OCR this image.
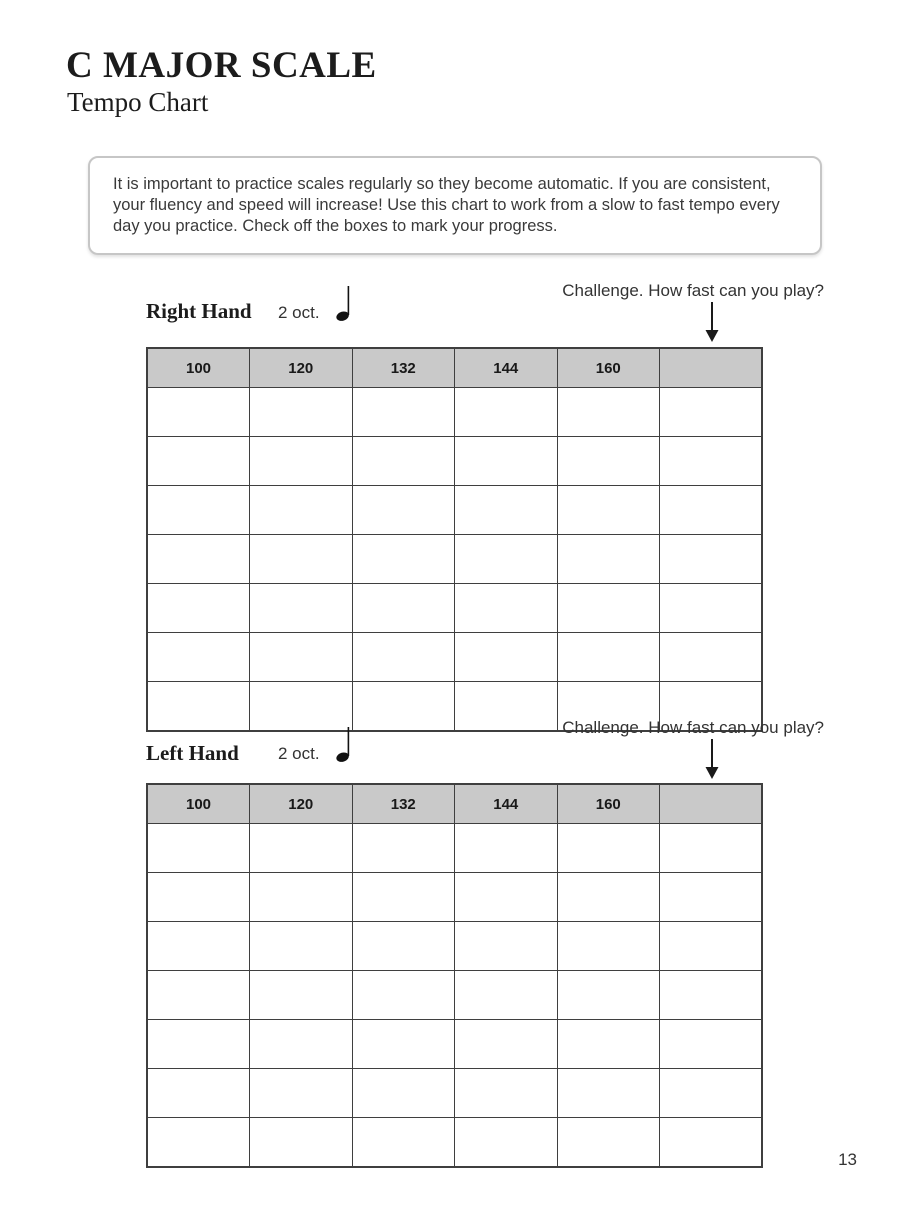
C MAJOR SCALE
Tempo Chart

It is important to practice scales regularly so they become automatic. If you are consistent, your fluency and speed will increase! Use this chart to work from a slow to fast tempo every day you practice. Check off the boxes to mark your progress.

Challenge. How fast can you play?
Right Hand 2 oct.
100	120	132	144	160	

Challenge. How fast can you play?
Left Hand 2 oct.
100	120	132	144	160	

13
